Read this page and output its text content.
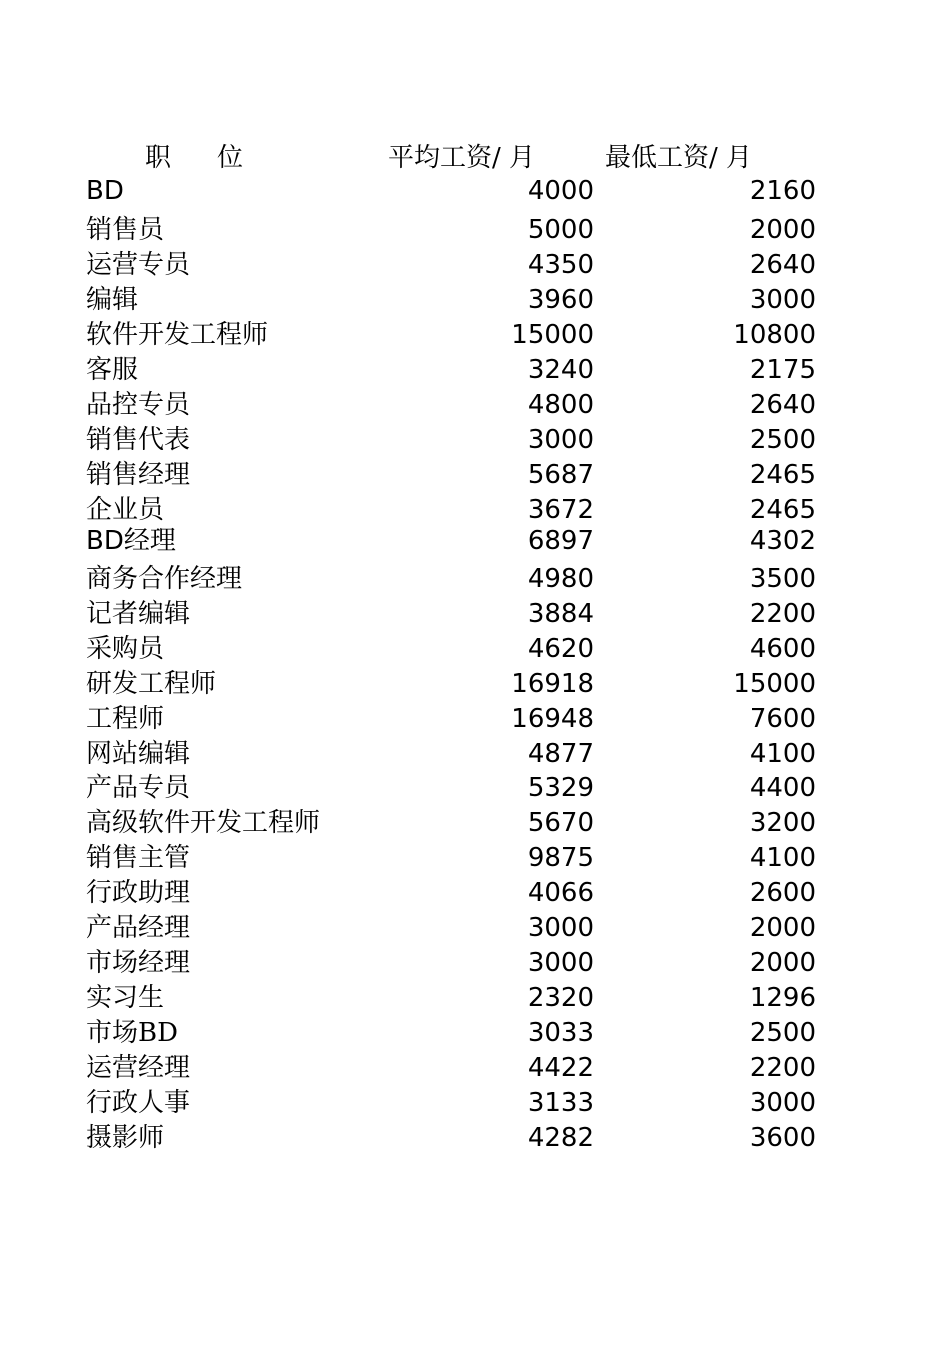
职位	平均工资/ 月	最低工资/ 月
BD	4000	2160
销售员	5000	2000
运营专员	4350	2640
编辑	3960	3000
软件开发工程师	15000	10800
客服	3240	2175
品控专员	4800	2640
销售代表	3000	2500
销售经理	5687	2465
企业员	3672	2465
BD经理	6897	4302
商务合作经理	4980	3500
记者编辑	3884	2200
采购员	4620	4600
研发工程师	16918	15000
工程师	16948	7600
网站编辑	4877	4100
产品专员	5329	4400
高级软件开发工程师	5670	3200
销售主管	9875	4100
行政助理	4066	2600
产品经理	3000	2000
市场经理	3000	2000
实习生	2320	1296
市场BD	3033	2500
运营经理	4422	2200
行政人事	3133	3000
摄影师	4282	3600
